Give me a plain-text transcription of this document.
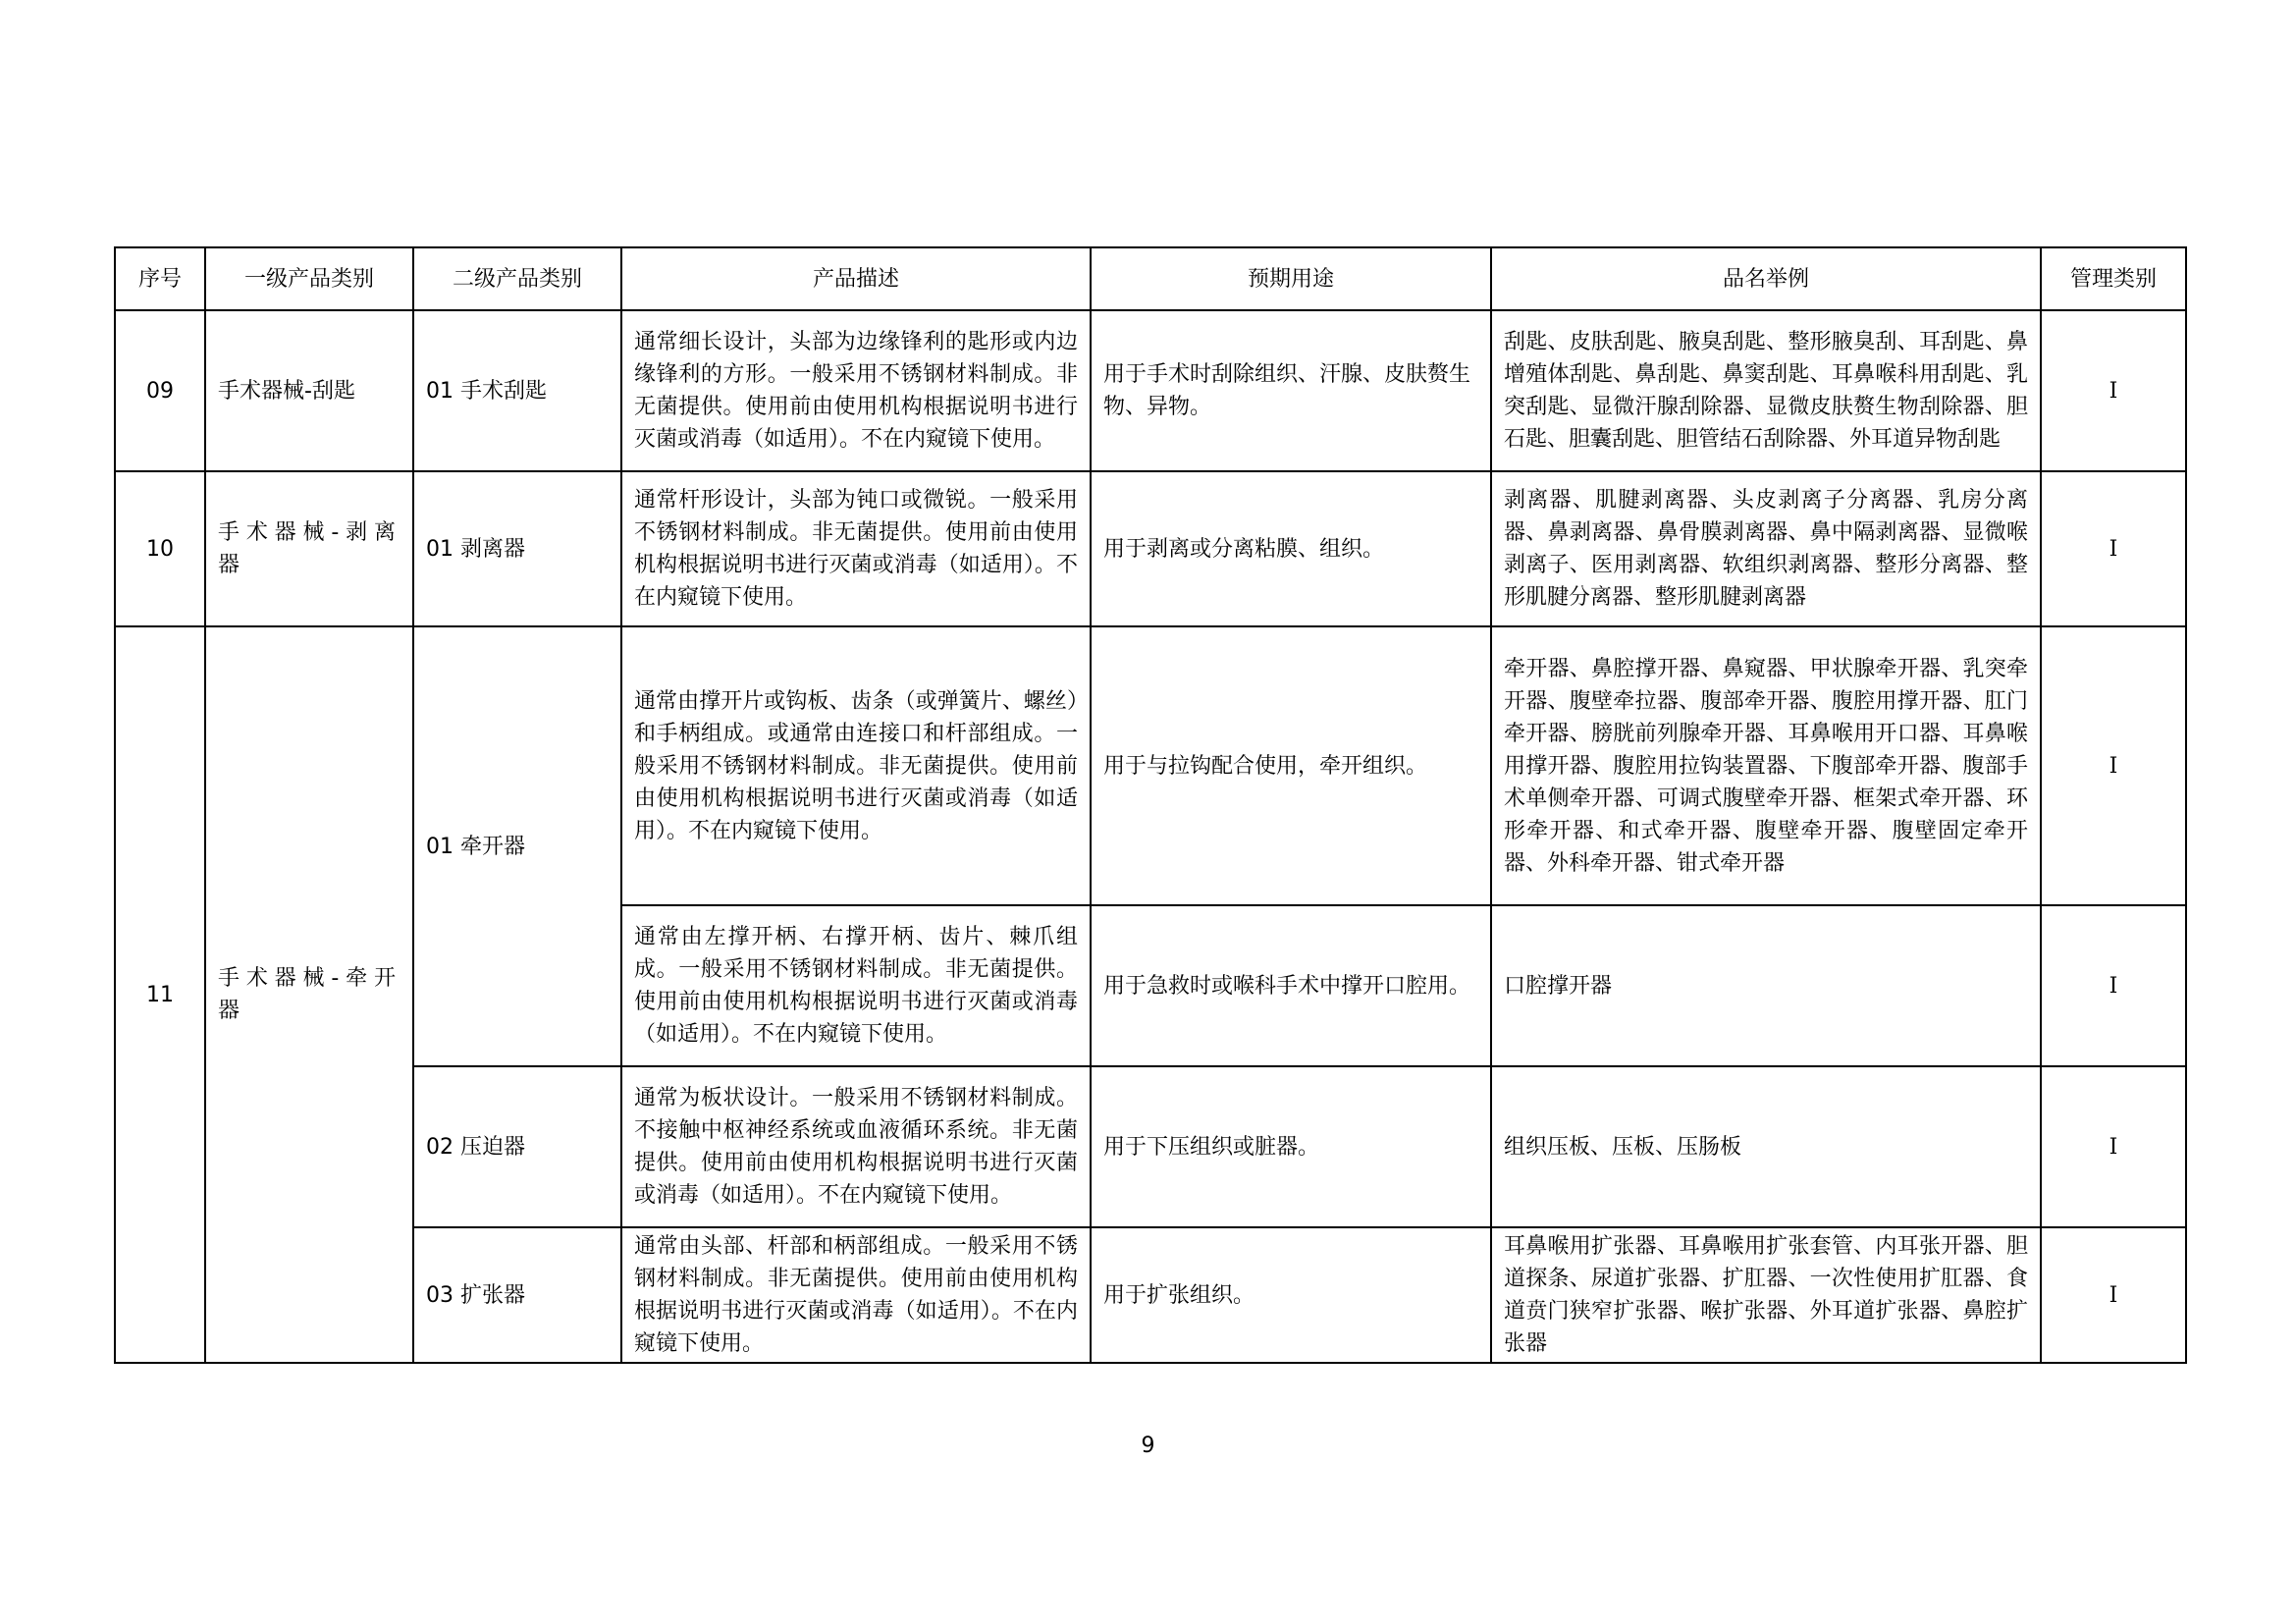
序号	一级产品类别	二级产品类别	产品描述	预期用途	品名举例	管理类别
09	手术器械-刮匙	01 手术刮匙	通常细长设计，头部为边缘锋利的匙形或内边缘锋利的方形。一般采用不锈钢材料制成。非无菌提供。使用前由使用机构根据说明书进行灭菌或消毒（如适用）。不在内窥镜下使用。	用于手术时刮除组织、汗腺、皮肤赘生物、异物。	刮匙、皮肤刮匙、腋臭刮匙、整形腋臭刮、耳刮匙、鼻增殖体刮匙、鼻刮匙、鼻窦刮匙、耳鼻喉科用刮匙、乳突刮匙、显微汗腺刮除器、显微皮肤赘生物刮除器、胆石匙、胆囊刮匙、胆管结石刮除器、外耳道异物刮匙	I
10	手术器械-剥离器	01 剥离器	通常杆形设计，头部为钝口或微锐。一般采用不锈钢材料制成。非无菌提供。使用前由使用机构根据说明书进行灭菌或消毒（如适用）。不在内窥镜下使用。	用于剥离或分离粘膜、组织。	剥离器、肌腱剥离器、头皮剥离子分离器、乳房分离器、鼻剥离器、鼻骨膜剥离器、鼻中隔剥离器、显微喉剥离子、医用剥离器、软组织剥离器、整形分离器、整形肌腱分离器、整形肌腱剥离器	I
11	手术器械-牵开器	01 牵开器	通常由撑开片或钩板、齿条（或弹簧片、螺丝）和手柄组成。或通常由连接口和杆部组成。一般采用不锈钢材料制成。非无菌提供。使用前由使用机构根据说明书进行灭菌或消毒（如适用）。不在内窥镜下使用。	用于与拉钩配合使用，牵开组织。	牵开器、鼻腔撑开器、鼻窥器、甲状腺牵开器、乳突牵开器、腹壁牵拉器、腹部牵开器、腹腔用撑开器、肛门牵开器、膀胱前列腺牵开器、耳鼻喉用开口器、耳鼻喉用撑开器、腹腔用拉钩装置器、下腹部牵开器、腹部手术单侧牵开器、可调式腹壁牵开器、框架式牵开器、环形牵开器、和式牵开器、腹壁牵开器、腹壁固定牵开器、外科牵开器、钳式牵开器	I
			通常由左撑开柄、右撑开柄、齿片、棘爪组成。一般采用不锈钢材料制成。非无菌提供。使用前由使用机构根据说明书进行灭菌或消毒（如适用）。不在内窥镜下使用。	用于急救时或喉科手术中撑开口腔用。	口腔撑开器	I
		02 压迫器	通常为板状设计。一般采用不锈钢材料制成。不接触中枢神经系统或血液循环系统。非无菌提供。使用前由使用机构根据说明书进行灭菌或消毒（如适用）。不在内窥镜下使用。	用于下压组织或脏器。	组织压板、压板、压肠板	I
		03 扩张器	通常由头部、杆部和柄部组成。一般采用不锈钢材料制成。非无菌提供。使用前由使用机构根据说明书进行灭菌或消毒（如适用）。不在内窥镜下使用。	用于扩张组织。	耳鼻喉用扩张器、耳鼻喉用扩张套管、内耳张开器、胆道探条、尿道扩张器、扩肛器、一次性使用扩肛器、食道贲门狭窄扩张器、喉扩张器、外耳道扩张器、鼻腔扩张器	I
9
